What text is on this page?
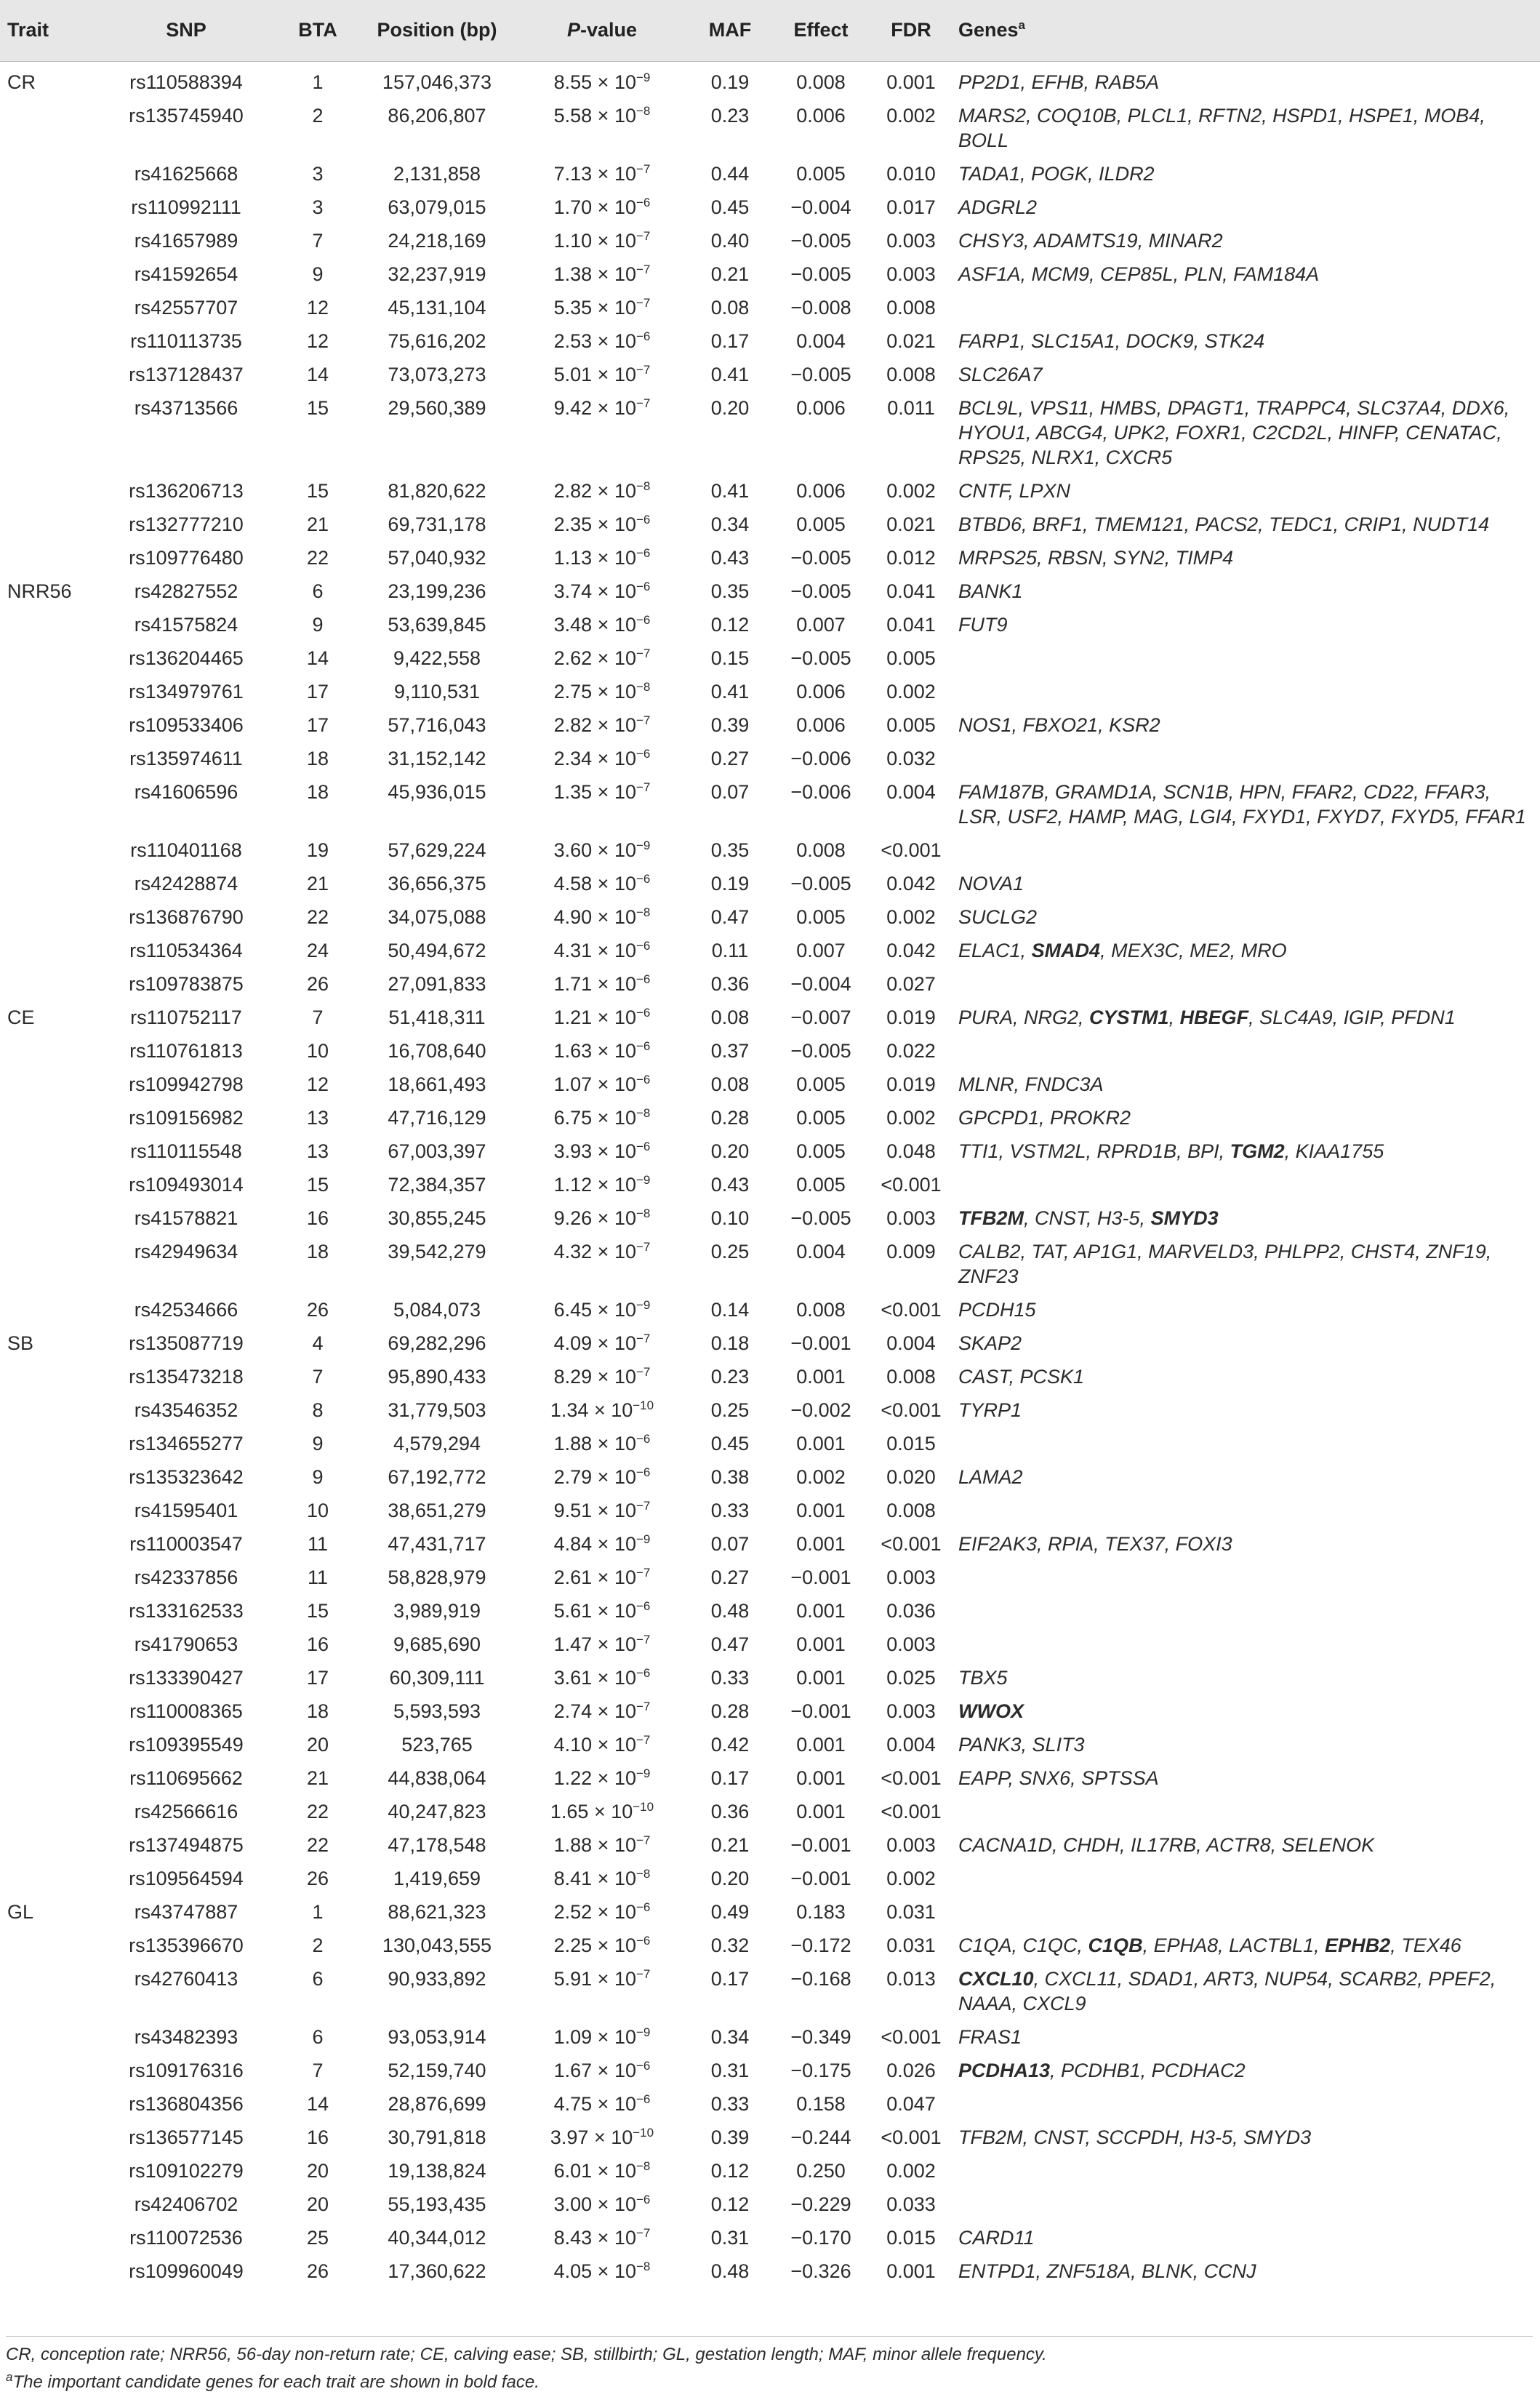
Trait	SNP	BTA	Position (bp)	P-value	MAF	Effect	FDR	Genes$^a$
CR	rs110588394	1	157,046,373	$8.55 \times 10^{-9}$	0.19	0.008	0.001	PP2D1, EFHB, RAB5A
	rs135745940	2	86,206,807	$5.58 \times 10^{-8}$	0.23	0.006	0.002	MARS2, COQ10B, PLCL1, RFTN2, HSPD1, HSPE1, MOB4, BOLL
	rs41625668	3	2,131,858	$7.13 \times 10^{-7}$	0.44	0.005	0.010	TADA1, POGK, ILDR2
	rs110992111	3	63,079,015	$1.70 \times 10^{-6}$	0.45	−0.004	0.017	ADGRL2
	rs41657989	7	24,218,169	$1.10 \times 10^{-7}$	0.40	−0.005	0.003	CHSY3, ADAMTS19, MINAR2
	rs41592654	9	32,237,919	$1.38 \times 10^{-7}$	0.21	−0.005	0.003	ASF1A, MCM9, CEP85L, PLN, FAM184A
	rs42557707	12	45,131,104	$5.35 \times 10^{-7}$	0.08	−0.008	0.008	
	rs110113735	12	75,616,202	$2.53 \times 10^{-6}$	0.17	0.004	0.021	FARP1, SLC15A1, DOCK9, STK24
	rs137128437	14	73,073,273	$5.01 \times 10^{-7}$	0.41	−0.005	0.008	SLC26A7
	rs43713566	15	29,560,389	$9.42 \times 10^{-7}$	0.20	0.006	0.011	BCL9L, VPS11, HMBS, DPAGT1, TRAPPC4, SLC37A4, DDX6, HYOU1, ABCG4, UPK2, FOXR1, C2CD2L, HINFP, CENATAC, RPS25, NLRX1, CXCR5
	rs136206713	15	81,820,622	$2.82 \times 10^{-8}$	0.41	0.006	0.002	CNTF, LPXN
	rs132777210	21	69,731,178	$2.35 \times 10^{-6}$	0.34	0.005	0.021	BTBD6, BRF1, TMEM121, PACS2, TEDC1, CRIP1, NUDT14
	rs109776480	22	57,040,932	$1.13 \times 10^{-6}$	0.43	−0.005	0.012	MRPS25, RBSN, SYN2, TIMP4
NRR56	rs42827552	6	23,199,236	$3.74 \times 10^{-6}$	0.35	−0.005	0.041	BANK1
	rs41575824	9	53,639,845	$3.48 \times 10^{-6}$	0.12	0.007	0.041	FUT9
	rs136204465	14	9,422,558	$2.62 \times 10^{-7}$	0.15	−0.005	0.005	
	rs134979761	17	9,110,531	$2.75 \times 10^{-8}$	0.41	0.006	0.002	
	rs109533406	17	57,716,043	$2.82 \times 10^{-7}$	0.39	0.006	0.005	NOS1, FBXO21, KSR2
	rs135974611	18	31,152,142	$2.34 \times 10^{-6}$	0.27	−0.006	0.032	
	rs41606596	18	45,936,015	$1.35 \times 10^{-7}$	0.07	−0.006	0.004	FAM187B, GRAMD1A, SCN1B, HPN, FFAR2, CD22, FFAR3, LSR, USF2, HAMP, MAG, LGI4, FXYD1, FXYD7, FXYD5, FFAR1
	rs110401168	19	57,629,224	$3.60 \times 10^{-9}$	0.35	0.008	<0.001	
	rs42428874	21	36,656,375	$4.58 \times 10^{-6}$	0.19	−0.005	0.042	NOVA1
	rs136876790	22	34,075,088	$4.90 \times 10^{-8}$	0.47	0.005	0.002	SUCLG2
	rs110534364	24	50,494,672	$4.31 \times 10^{-6}$	0.11	0.007	0.042	ELAC1, SMAD4, MEX3C, ME2, MRO
	rs109783875	26	27,091,833	$1.71 \times 10^{-6}$	0.36	−0.004	0.027	
CE	rs110752117	7	51,418,311	$1.21 \times 10^{-6}$	0.08	−0.007	0.019	PURA, NRG2, CYSTM1, HBEGF, SLC4A9, IGIP, PFDN1
	rs110761813	10	16,708,640	$1.63 \times 10^{-6}$	0.37	−0.005	0.022	
	rs109942798	12	18,661,493	$1.07 \times 10^{-6}$	0.08	0.005	0.019	MLNR, FNDC3A
	rs109156982	13	47,716,129	$6.75 \times 10^{-8}$	0.28	0.005	0.002	GPCPD1, PROKR2
	rs110115548	13	67,003,397	$3.93 \times 10^{-6}$	0.20	0.005	0.048	TTI1, VSTM2L, RPRD1B, BPI, TGM2, KIAA1755
	rs109493014	15	72,384,357	$1.12 \times 10^{-9}$	0.43	0.005	<0.001	
	rs41578821	16	30,855,245	$9.26 \times 10^{-8}$	0.10	−0.005	0.003	TFB2M, CNST, H3-5, SMYD3
	rs42949634	18	39,542,279	$4.32 \times 10^{-7}$	0.25	0.004	0.009	CALB2, TAT, AP1G1, MARVELD3, PHLPP2, CHST4, ZNF19, ZNF23
	rs42534666	26	5,084,073	$6.45 \times 10^{-9}$	0.14	0.008	<0.001	PCDH15
SB	rs135087719	4	69,282,296	$4.09 \times 10^{-7}$	0.18	−0.001	0.004	SKAP2
	rs135473218	7	95,890,433	$8.29 \times 10^{-7}$	0.23	0.001	0.008	CAST, PCSK1
	rs43546352	8	31,779,503	$1.34 \times 10^{-10}$	0.25	−0.002	<0.001	TYRP1
	rs134655277	9	4,579,294	$1.88 \times 10^{-6}$	0.45	0.001	0.015	
	rs135323642	9	67,192,772	$2.79 \times 10^{-6}$	0.38	0.002	0.020	LAMA2
	rs41595401	10	38,651,279	$9.51 \times 10^{-7}$	0.33	0.001	0.008	
	rs110003547	11	47,431,717	$4.84 \times 10^{-9}$	0.07	0.001	<0.001	EIF2AK3, RPIA, TEX37, FOXI3
	rs42337856	11	58,828,979	$2.61 \times 10^{-7}$	0.27	−0.001	0.003	
	rs133162533	15	3,989,919	$5.61 \times 10^{-6}$	0.48	0.001	0.036	
	rs41790653	16	9,685,690	$1.47 \times 10^{-7}$	0.47	0.001	0.003	
	rs133390427	17	60,309,111	$3.61 \times 10^{-6}$	0.33	0.001	0.025	TBX5
	rs110008365	18	5,593,593	$2.74 \times 10^{-7}$	0.28	−0.001	0.003	WWOX
	rs109395549	20	523,765	$4.10 \times 10^{-7}$	0.42	0.001	0.004	PANK3, SLIT3
	rs110695662	21	44,838,064	$1.22 \times 10^{-9}$	0.17	0.001	<0.001	EAPP, SNX6, SPTSSA
	rs42566616	22	40,247,823	$1.65 \times 10^{-10}$	0.36	0.001	<0.001	
	rs137494875	22	47,178,548	$1.88 \times 10^{-7}$	0.21	−0.001	0.003	CACNA1D, CHDH, IL17RB, ACTR8, SELENOK
	rs109564594	26	1,419,659	$8.41 \times 10^{-8}$	0.20	−0.001	0.002	
GL	rs43747887	1	88,621,323	$2.52 \times 10^{-6}$	0.49	0.183	0.031	
	rs135396670	2	130,043,555	$2.25 \times 10^{-6}$	0.32	−0.172	0.031	C1QA, C1QC, C1QB, EPHA8, LACTBL1, EPHB2, TEX46
	rs42760413	6	90,933,892	$5.91 \times 10^{-7}$	0.17	−0.168	0.013	CXCL10, CXCL11, SDAD1, ART3, NUP54, SCARB2, PPEF2, NAAA, CXCL9
	rs43482393	6	93,053,914	$1.09 \times 10^{-9}$	0.34	−0.349	<0.001	FRAS1
	rs109176316	7	52,159,740	$1.67 \times 10^{-6}$	0.31	−0.175	0.026	PCDHA13, PCDHB1, PCDHAC2
	rs136804356	14	28,876,699	$4.75 \times 10^{-6}$	0.33	0.158	0.047	
	rs136577145	16	30,791,818	$3.97 \times 10^{-10}$	0.39	−0.244	<0.001	TFB2M, CNST, SCCPDH, H3-5, SMYD3
	rs109102279	20	19,138,824	$6.01 \times 10^{-8}$	0.12	0.250	0.002	
	rs42406702	20	55,193,435	$3.00 \times 10^{-6}$	0.12	−0.229	0.033	
	rs110072536	25	40,344,012	$8.43 \times 10^{-7}$	0.31	−0.170	0.015	CARD11
	rs109960049	26	17,360,622	$4.05 \times 10^{-8}$	0.48	−0.326	0.001	ENTPD1, ZNF518A, BLNK, CCNJ
CR, conception rate; NRR56, 56-day non-return rate; CE, calving ease; SB, stillbirth; GL, gestation length; MAF, minor allele frequency.
$^a$The important candidate genes for each trait are shown in bold face.
